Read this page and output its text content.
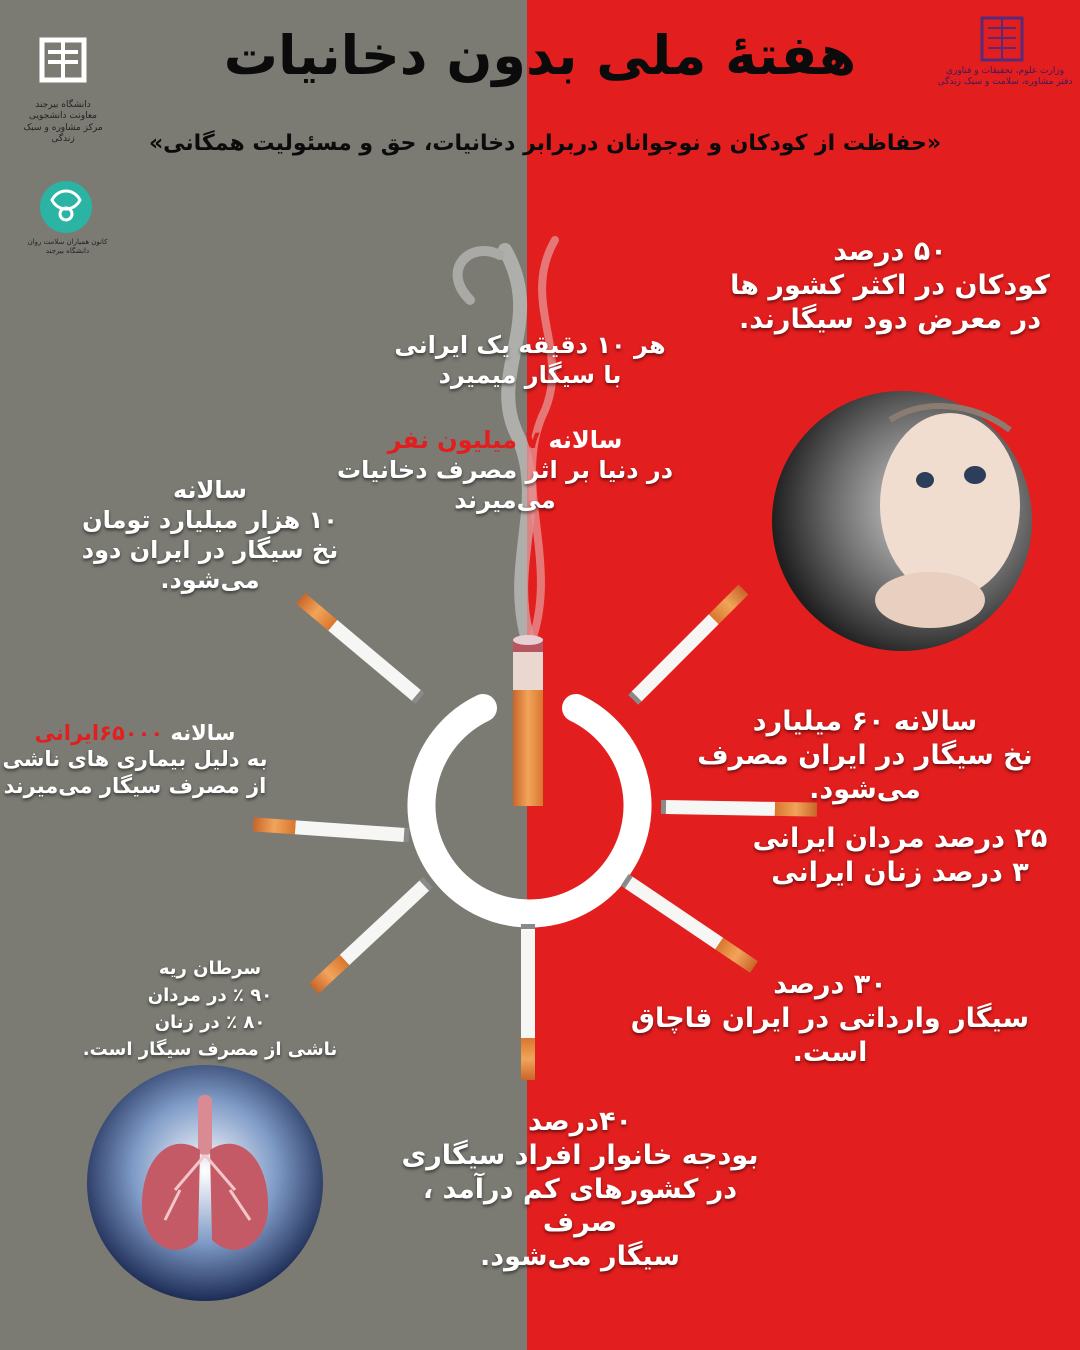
دانشگاه بیرجند
معاونت دانشجویی
مرکز مشاوره و سبک زندگی
کانون همیاران سلامت روان دانشگاه بیرجند
وزارت علوم، تحقیقات و فناوری
دفتر مشاوره، سلامت و سبک زندگی
هفتهٔ ملی بدون دخانیات
«حفاظت از کودکان و نوجوانان دربرابر دخانیات، حق و مسئولیت همگانی»
هر ۱۰ دقیقه یک ایرانی
با سیگار میمیرد
سالانه ۷ میلیون نفر
در دنیا بر اثر مصرف دخانیات می‌میرند
سالانه
۱۰ هزار میلیارد تومان
نخ سیگار در ایران دود می‌شود.
سالانه ۶۵۰۰۰ایرانی
به دلیل بیماری های ناشی
از مصرف سیگار می‌میرند
سرطان ریه
۹۰ ٪ در مردان
۸۰ ٪ در زنان
ناشی از مصرف سیگار است.
۵۰ درصد
کودکان در اکثر کشور ها
در معرض دود سیگارند.
سالانه ۶۰ میلیارد
نخ سیگار در ایران مصرف می‌شود.
۲۵ درصد مردان ایرانی
۳ درصد زنان ایرانی
۳۰ درصد
سیگار وارداتی در ایران قاچاق است.
۴۰درصد
بودجه خانوار افراد سیگاری
در کشورهای کم درآمد ، صرف
سیگار می‌شود.
